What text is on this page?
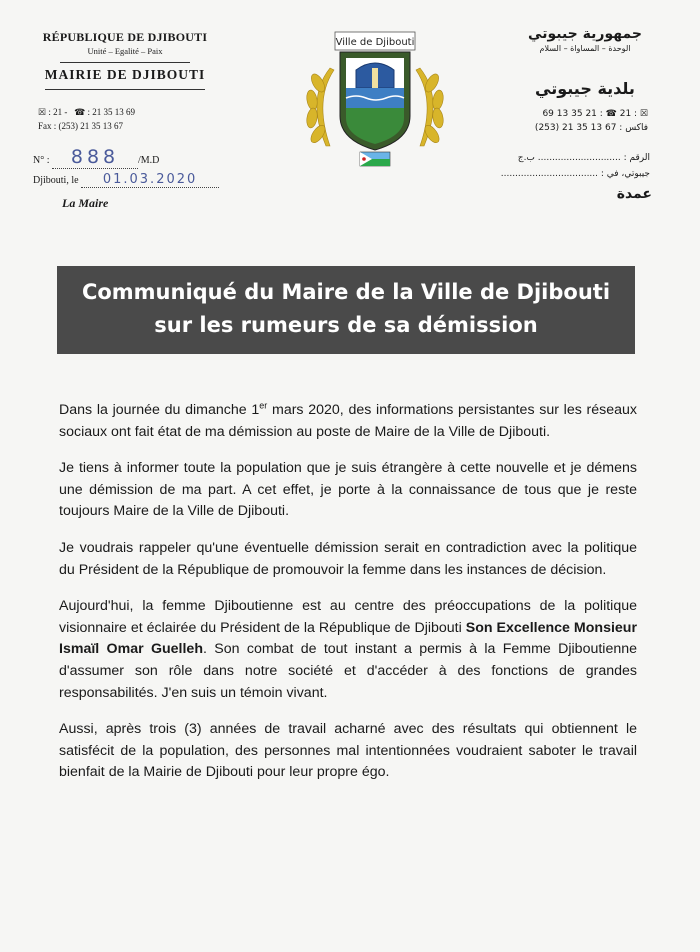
RÉPUBLIQUE DE DJIBOUTI
Unité – Egalité – Paix
MAIRIE DE DJIBOUTI
☒ : 21 - ☎ : 21 35 13 69
Fax : (253) 21 35 13 67
N° : 888 /M.D
Djibouti, le 01.03.2020
La Maire
Ville de Djibouti
جمهورية جيبوتي
الوحدة – المساواة – السلام
بلدية جيبوتي
☒ : 21 ☎ : 21 35 13 69
فاكس : 67 13 35 21 (253)
الرقم : ............................. ب.ج
جيبوتي، في : ..................................
عمدة
Communiqué du Maire de la Ville de Djibouti
sur les rumeurs de sa démission

Dans la journée du dimanche 1er mars 2020, des informations persistantes sur les réseaux sociaux ont fait état de ma démission au poste de Maire de la Ville de Djibouti.

Je tiens à informer toute la population que je suis étrangère à cette nouvelle et je démens une démission de ma part. A cet effet, je porte à la connaissance de tous que je reste toujours Maire de la Ville de Djibouti.

Je voudrais rappeler qu'une éventuelle démission serait en contradiction avec la politique du Président de la République de promouvoir la femme dans les instances de décision.

Aujourd'hui, la femme Djiboutienne est au centre des préoccupations de la politique visionnaire et éclairée du Président de la République de Djibouti Son Excellence Monsieur Ismaïl Omar Guelleh. Son combat de tout instant a permis à la Femme Djiboutienne d'assumer son rôle dans notre société et d'accéder à des fonctions de grandes responsabilités. J'en suis un témoin vivant.

Aussi, après trois (3) années de travail acharné avec des résultats qui obtiennent le satisfécit de la population, des personnes mal intentionnées voudraient saboter le travail bienfait de la Mairie de Djibouti pour leur propre égo.
